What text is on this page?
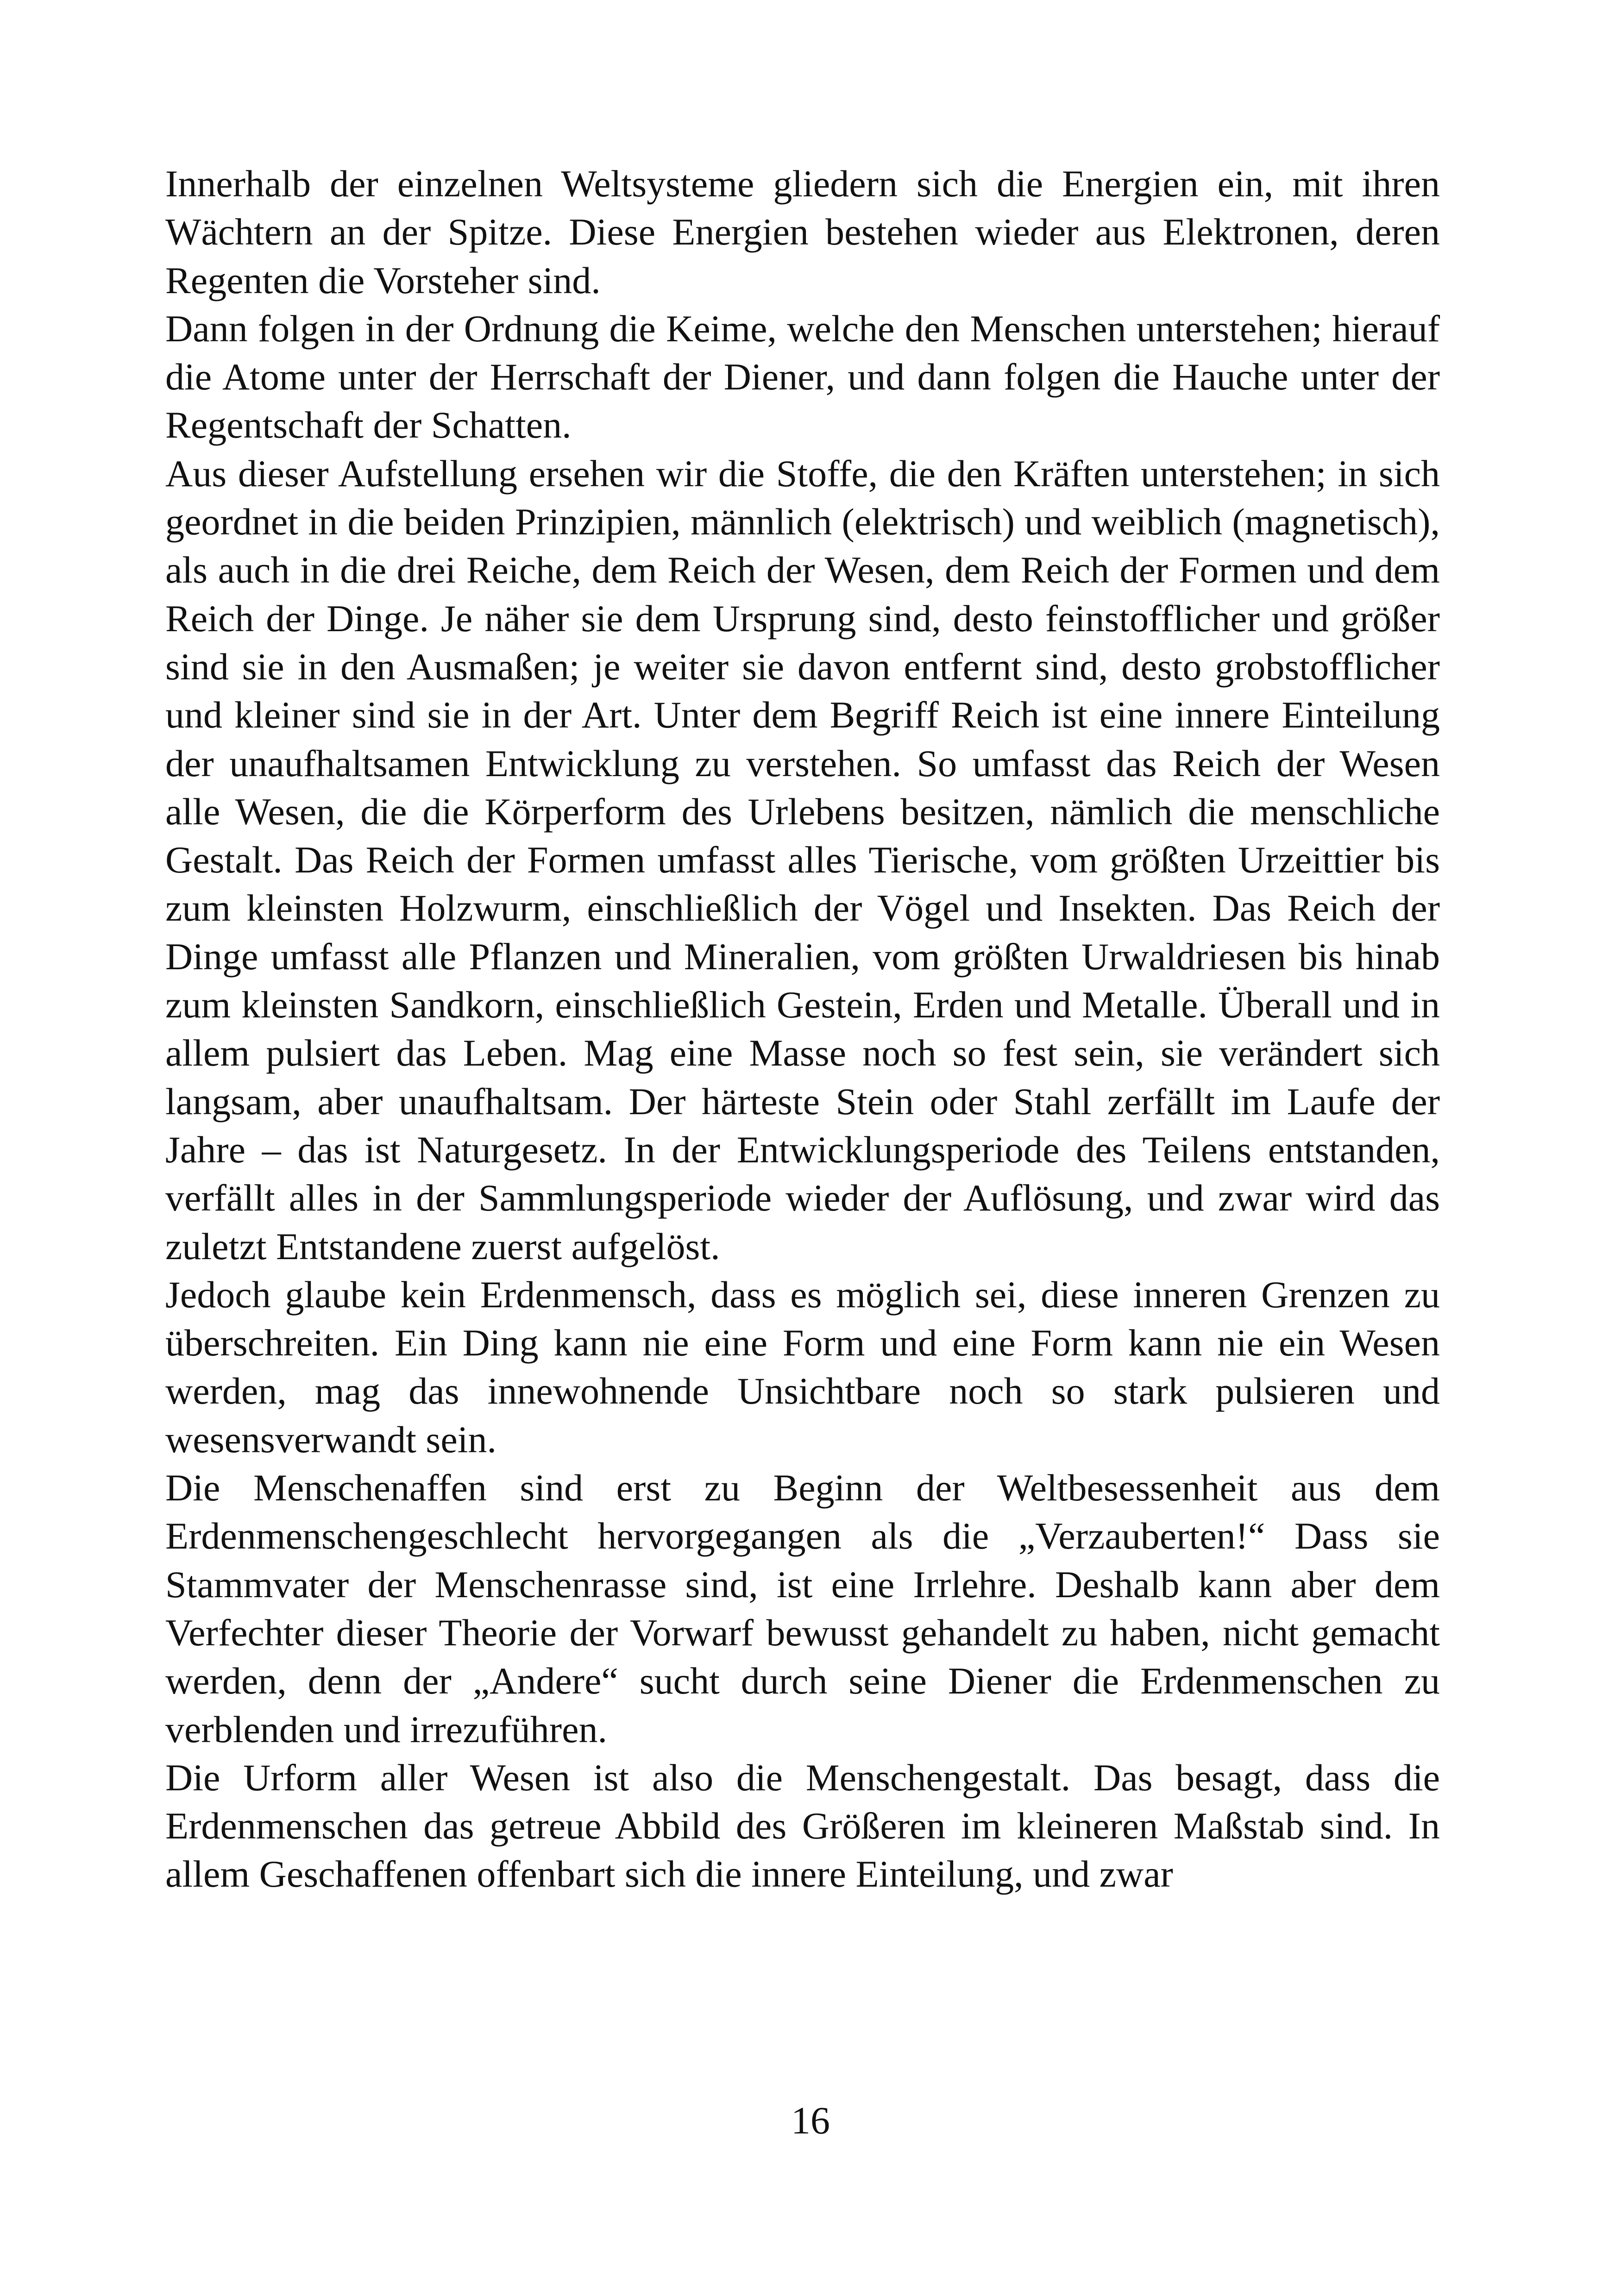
Innerhalb der einzelnen Weltsysteme gliedern sich die Energien ein, mit ihren Wächtern an der Spitze. Diese Energien bestehen wieder aus Elektronen, deren Regenten die Vorsteher sind.

Dann folgen in der Ordnung die Keime, welche den Menschen unterstehen; hierauf die Atome unter der Herrschaft der Diener, und dann folgen die Hauche unter der Regentschaft der Schatten.

Aus dieser Aufstellung ersehen wir die Stoffe, die den Kräften unterstehen; in sich geordnet in die beiden Prinzipien, männlich (elektrisch) und weiblich (magnetisch), als auch in die drei Reiche, dem Reich der Wesen, dem Reich der Formen und dem Reich der Dinge. Je näher sie dem Ursprung sind, desto feinstofflicher und größer sind sie in den Ausmaßen; je weiter sie davon entfernt sind, desto grobstofflicher und kleiner sind sie in der Art. Unter dem Begriff Reich ist eine innere Einteilung der unaufhaltsamen Entwicklung zu verstehen. So umfasst das Reich der Wesen alle Wesen, die die Körperform des Urlebens besitzen, nämlich die menschliche Gestalt. Das Reich der Formen umfasst alles Tierische, vom größten Urzeittier bis zum kleinsten Holzwurm, einschließlich der Vögel und Insekten. Das Reich der Dinge umfasst alle Pflanzen und Mineralien, vom größten Urwaldriesen bis hinab zum kleinsten Sandkorn, einschließlich Gestein, Erden und Metalle. Überall und in allem pulsiert das Leben. Mag eine Masse noch so fest sein, sie verändert sich langsam, aber unaufhaltsam. Der härteste Stein oder Stahl zerfällt im Laufe der Jahre – das ist Naturgesetz. In der Entwicklungsperiode des Teilens entstanden, verfällt alles in der Sammlungsperiode wieder der Auflösung, und zwar wird das zuletzt Entstandene zuerst aufgelöst.

Jedoch glaube kein Erdenmensch, dass es möglich sei, diese inneren Grenzen zu überschreiten. Ein Ding kann nie eine Form und eine Form kann nie ein Wesen werden, mag das innewohnende Unsichtbare noch so stark pulsieren und wesensverwandt sein.

Die Menschenaffen sind erst zu Beginn der Weltbesessenheit aus dem Erdenmenschengeschlecht hervorgegangen als die „Verzauberten!“ Dass sie Stammvater der Menschenrasse sind, ist eine Irrlehre. Deshalb kann aber dem Verfechter dieser Theorie der Vorwarf bewusst gehandelt zu haben, nicht gemacht werden, denn der „Andere“ sucht durch seine Diener die Erdenmenschen zu verblenden und irrezuführen.

Die Urform aller Wesen ist also die Menschengestalt. Das besagt, dass die Erdenmenschen das getreue Abbild des Größeren im kleineren Maßstab sind. In allem Geschaffenen offenbart sich die innere Einteilung, und zwar

16
